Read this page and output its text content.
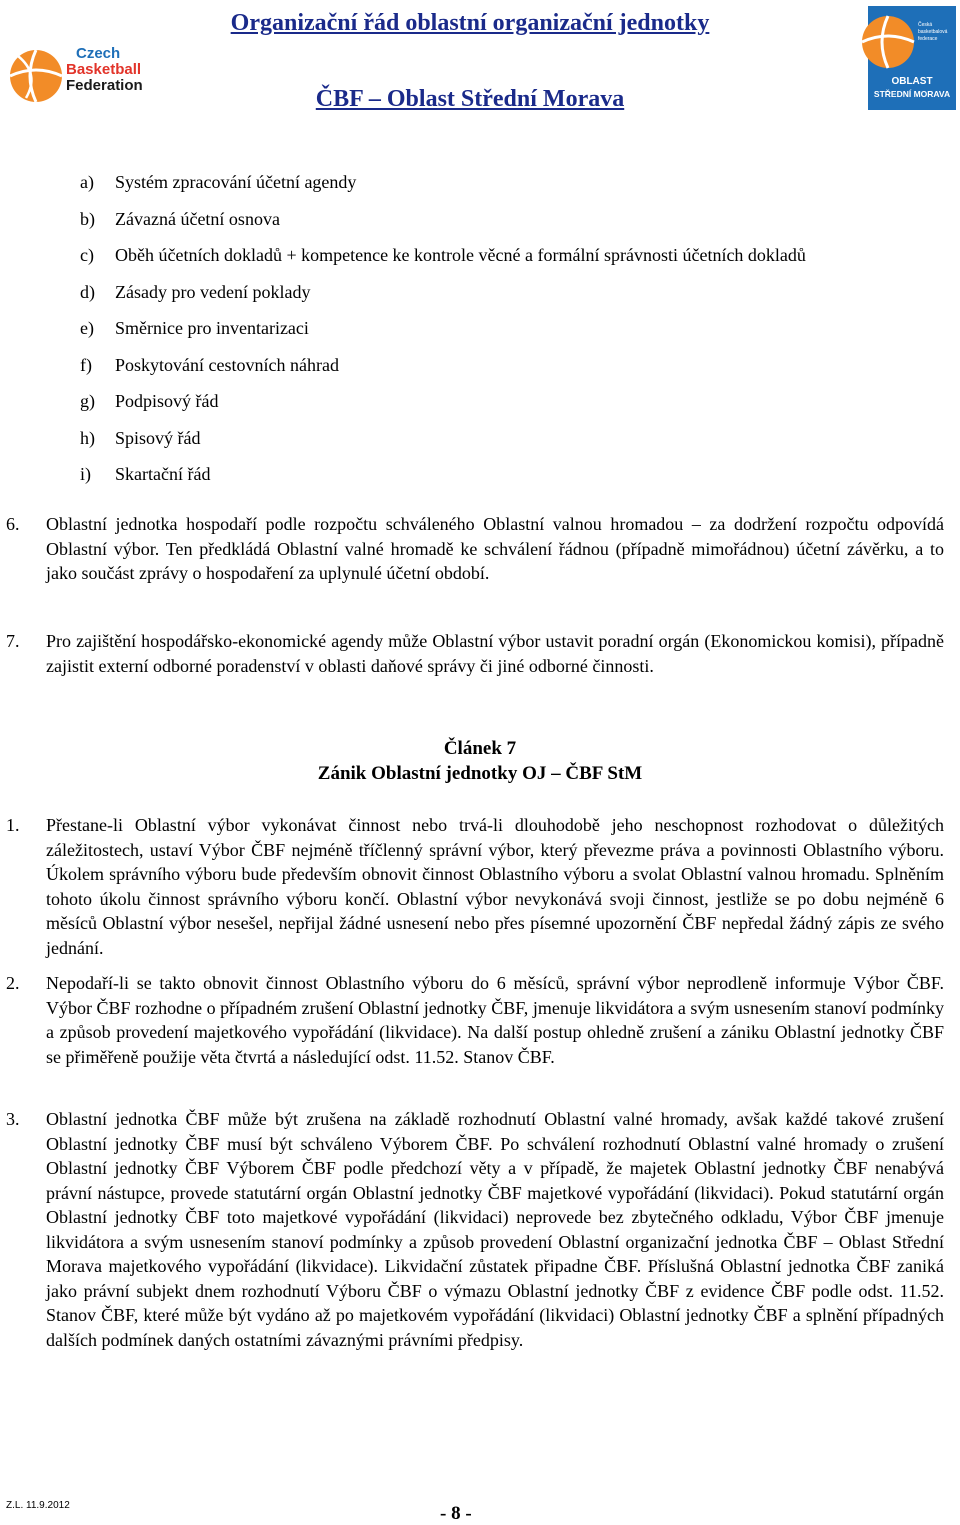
Organizační řád oblastní organizační jednotky
ČBF – Oblast Střední Morava
Czech
Basketball
Federation
Česká
basketbalová
federace
OBLAST
STŘEDNÍ MORAVA
a)	Systém zpracování účetní agendy
b)	Závazná účetní osnova
c)	Oběh účetních dokladů + kompetence ke kontrole věcné a formální správnosti účetních dokladů
d)	Zásady pro vedení poklady
e)	Směrnice pro inventarizaci
f)	Poskytování cestovních náhrad
g)	Podpisový řád
h)	Spisový řád
i)	Skartační řád
6. Oblastní jednotka hospodaří podle rozpočtu schváleného Oblastní valnou hromadou – za dodržení rozpočtu odpovídá Oblastní výbor. Ten předkládá Oblastní valné hromadě ke schválení řádnou (případně mimořádnou) účetní závěrku, a to jako součást zprávy o hospodaření za uplynulé účetní období.
7. Pro zajištění hospodářsko-ekonomické agendy může Oblastní výbor ustavit poradní orgán (Ekonomickou komisi), případně zajistit externí odborné poradenství v oblasti daňové správy či jiné odborné činnosti.
Článek 7
Zánik Oblastní jednotky OJ – ČBF StM
1. Přestane-li Oblastní výbor vykonávat činnost nebo trvá-li dlouhodobě jeho neschopnost rozhodovat o důležitých záležitostech, ustaví Výbor ČBF nejméně tříčlenný správní výbor, který převezme práva a povinnosti Oblastního výboru. Úkolem správního výboru bude především obnovit činnost Oblastního výboru a svolat Oblastní valnou hromadu. Splněním tohoto úkolu činnost správního výboru končí. Oblastní výbor nevykonává svoji činnost, jestliže se po dobu nejméně 6 měsíců Oblastní výbor nesešel, nepřijal žádné usnesení nebo přes písemné upozornění ČBF nepředal žádný zápis ze svého jednání.
2. Nepodaří-li se takto obnovit činnost Oblastního výboru do 6 měsíců, správní výbor neprodleně informuje Výbor ČBF. Výbor ČBF rozhodne o případném zrušení Oblastní jednotky ČBF, jmenuje likvidátora a svým usnesením stanoví podmínky a způsob provedení majetkového vypořádání (likvidace). Na další postup ohledně zrušení a zániku Oblastní jednotky ČBF se přiměřeně použije věta čtvrtá a následující odst. 11.52. Stanov ČBF.
3. Oblastní jednotka ČBF může být zrušena na základě rozhodnutí Oblastní valné hromady, avšak každé takové zrušení Oblastní jednotky ČBF musí být schváleno Výborem ČBF. Po schválení rozhodnutí Oblastní valné hromady o zrušení Oblastní jednotky ČBF Výborem ČBF podle předchozí věty a v případě, že majetek Oblastní jednotky ČBF nenabývá právní nástupce, provede statutární orgán Oblastní jednotky ČBF majetkové vypořádání (likvidaci). Pokud statutární orgán Oblastní jednotky ČBF toto majetkové vypořádání (likvidaci) neprovede bez zbytečného odkladu, Výbor ČBF jmenuje likvidátora a svým usnesením stanoví podmínky a způsob provedení Oblastní organizační jednotka ČBF – Oblast Střední Morava majetkového vypořádání (likvidace). Likvidační zůstatek připadne ČBF. Příslušná Oblastní jednotka ČBF zaniká jako právní subjekt dnem rozhodnutí Výboru ČBF o výmazu Oblastní jednotky ČBF z evidence ČBF podle odst. 11.52. Stanov ČBF, které může být vydáno až po majetkovém vypořádání (likvidaci) Oblastní jednotky ČBF a splnění případných dalších podmínek daných ostatními závaznými právními předpisy.
Z.L. 11.9.2012	- 8 -
